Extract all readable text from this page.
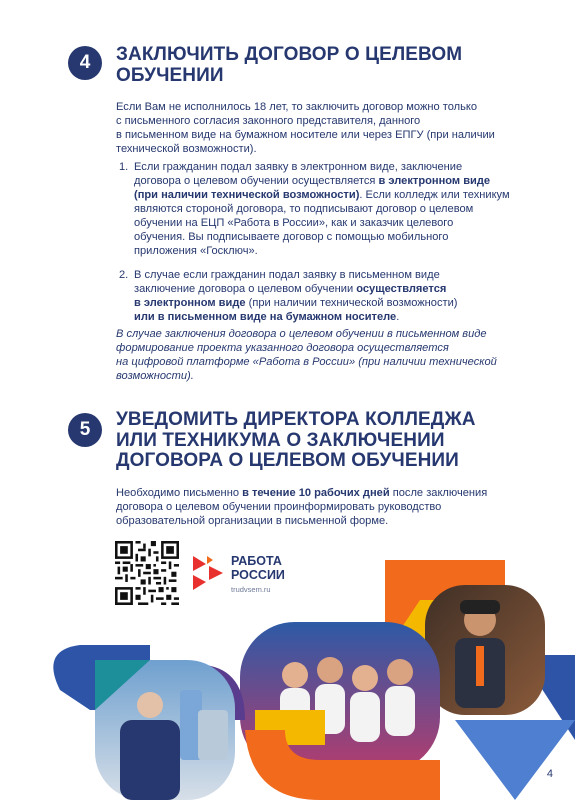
4	ЗАКЛЮЧИТЬ ДОГОВОР О ЦЕЛЕВОМ
ОБУЧЕНИИ
Если Вам не исполнилось 18 лет, то заключить договор можно только
с письменного согласия законного представителя, данного
в письменном виде на бумажном носителе или через ЕПГУ (при наличии
технической возможности).
1. Если гражданин подал заявку в электронном виде, заключение
договора о целевом обучении осуществляется в электронном виде
(при наличии технической возможности). Если колледж или техникум
являются стороной договора, то подписывают договор о целевом
обучении на ЕЦП «Работа в России», как и заказчик целевого
обучения. Вы подписываете договор с помощью мобильного
приложения «Госключ».
2. В случае если гражданин подал заявку в письменном виде
заключение договора о целевом обучении осуществляется
в электронном виде (при наличии технической возможности)
или в письменном виде на бумажном носителе.
В случае заключения договора о целевом обучении в письменном виде
формирование проекта указанного договора осуществляется
на цифровой платформе «Работа в России» (при наличии технической
возможности).
5	УВЕДОМИТЬ ДИРЕКТОРА КОЛЛЕДЖА
ИЛИ ТЕХНИКУМА О ЗАКЛЮЧЕНИИ
ДОГОВОРА О ЦЕЛЕВОМ ОБУЧЕНИИ
Необходимо письменно в течение 10 рабочих дней после заключения
договора о целевом обучении проинформировать руководство
образовательной организации в письменной форме.
РАБОТА
РОССИИ
trudvsem.ru
4
